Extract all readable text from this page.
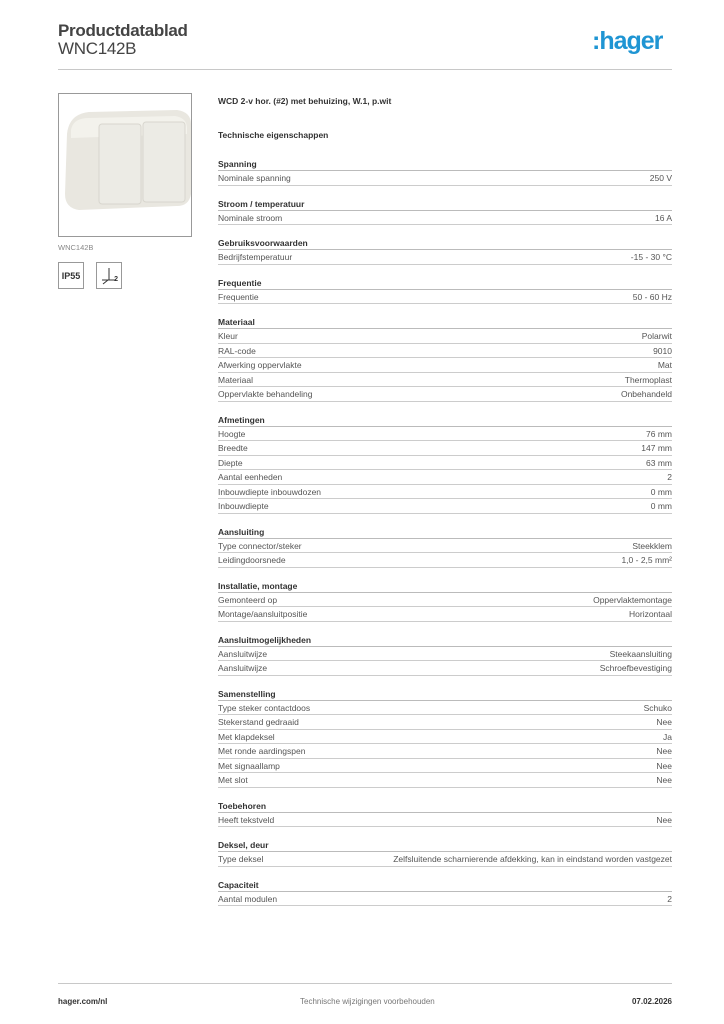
Productdatablad
WNC142B	:hager
WNC142B
IP55	2
WCD 2-v hor. (#2) met behuizing, W.1, p.wit
Technische eigenschappen
Spanning
Nominale spanning	250 V
Stroom / temperatuur
Nominale stroom	16 A
Gebruiksvoorwaarden
Bedrijfstemperatuur	-15 - 30 °C
Frequentie
Frequentie	50 - 60 Hz
Materiaal
Kleur	Polarwit
RAL-code	9010
Afwerking oppervlakte	Mat
Materiaal	Thermoplast
Oppervlakte behandeling	Onbehandeld
Afmetingen
Hoogte	76 mm
Breedte	147 mm
Diepte	63 mm
Aantal eenheden	2
Inbouwdiepte inbouwdozen	0 mm
Inbouwdiepte	0 mm
Aansluiting
Type connector/steker	Steekklem
Leidingdoorsnede	1,0 - 2,5 mm²
Installatie, montage
Gemonteerd op	Oppervlaktemontage
Montage/aansluitpositie	Horizontaal
Aansluitmogelijkheden
Aansluitwijze	Steekaansluiting
Aansluitwijze	Schroefbevestiging
Samenstelling
Type steker contactdoos	Schuko
Stekerstand gedraaid	Nee
Met klapdeksel	Ja
Met ronde aardingspen	Nee
Met signaallamp	Nee
Met slot	Nee
Toebehoren
Heeft tekstveld	Nee
Deksel, deur
Type deksel	Zelfsluitende scharnierende afdekking, kan in eindstand worden vastgezet
Capaciteit
Aantal modulen	2
hager.com/nl	Technische wijzigingen voorbehouden	07.02.2026
